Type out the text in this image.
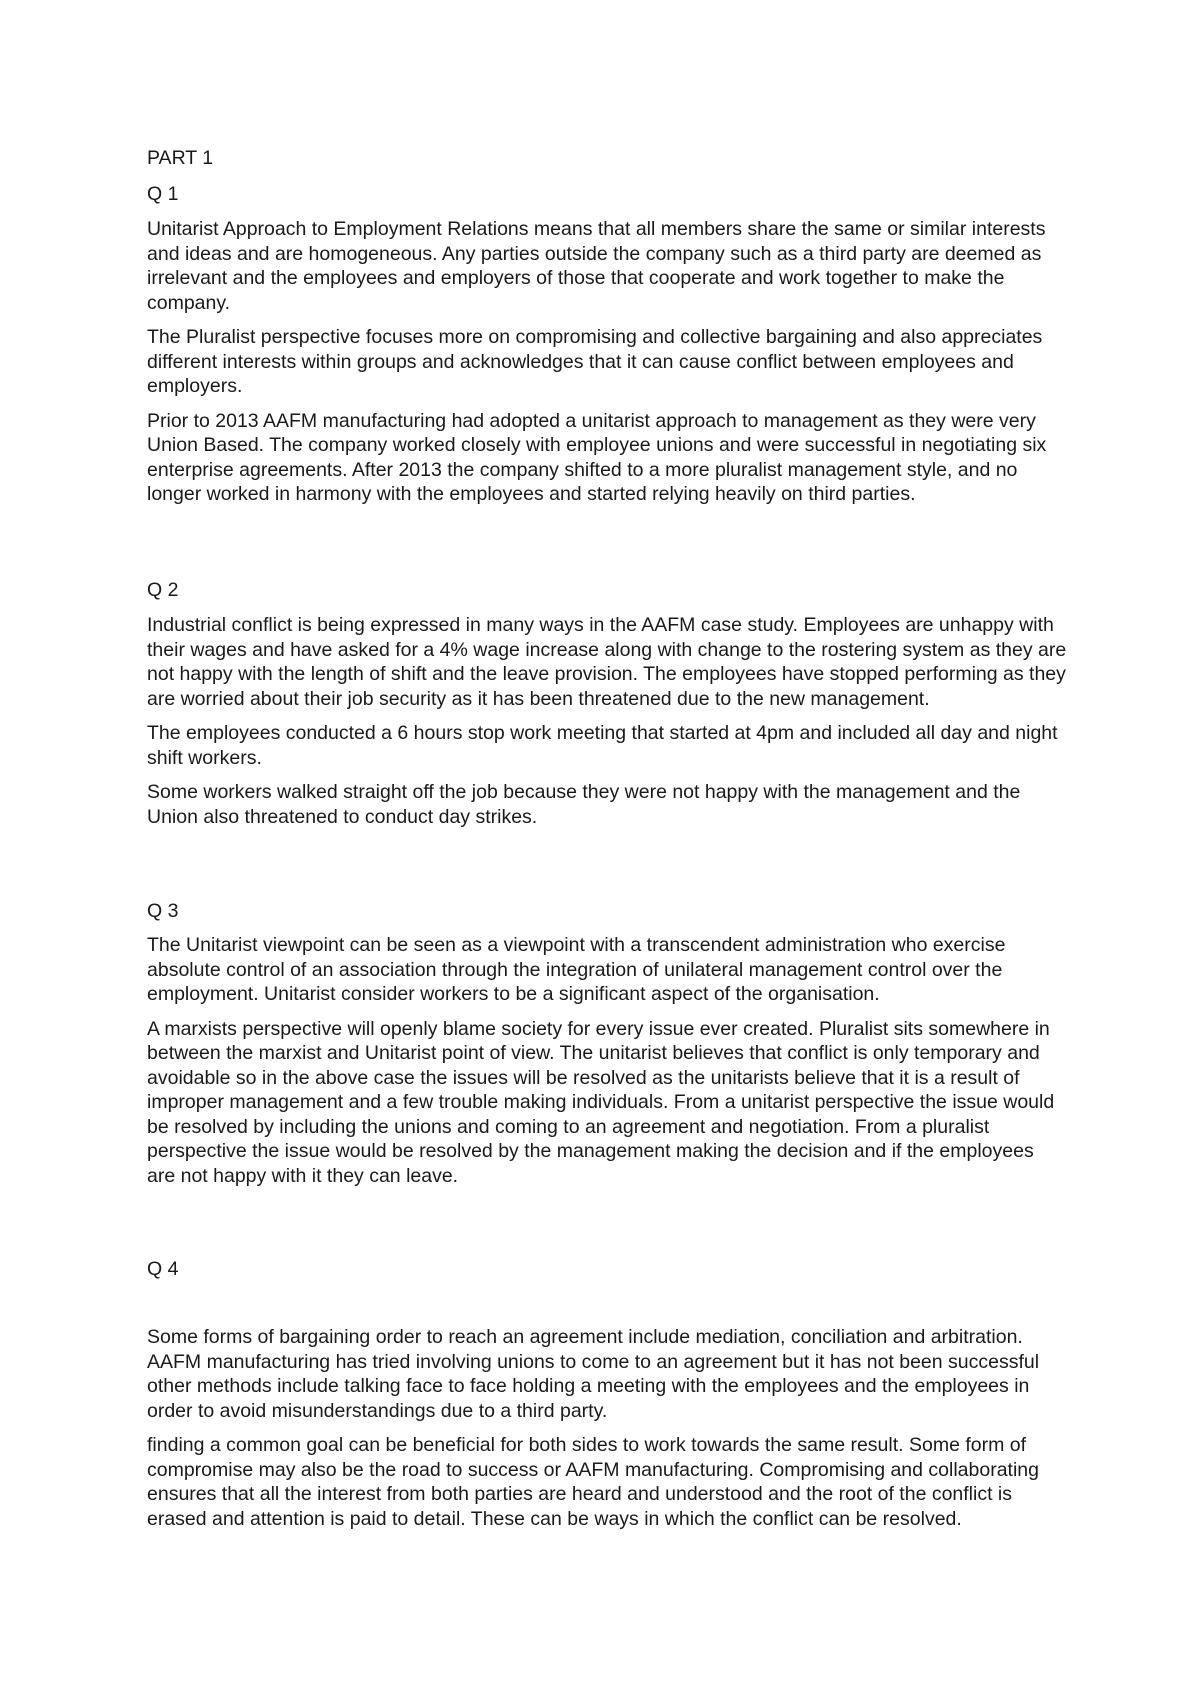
PART 1
Q 1

Unitarist Approach to Employment Relations means that all members share the same or similar interests and ideas and are homogeneous. Any parties outside the company such as a third party are deemed as irrelevant and the employees and employers of those that cooperate and work together to make the company.

The Pluralist perspective focuses more on compromising and collective bargaining and also appreciates different interests within groups and acknowledges that it can cause conflict between employees and employers.

Prior to 2013 AAFM manufacturing had adopted a unitarist approach to management as they were very Union Based. The company worked closely with employee unions and were successful in negotiating six enterprise agreements. After 2013 the company shifted to a more pluralist management style, and no longer worked in harmony with the employees and started relying heavily on third parties.

Q 2

Industrial conflict is being expressed in many ways in the AAFM case study. Employees are unhappy with their wages and have asked for a 4% wage increase along with change to the rostering system as they are not happy with the length of shift and the leave provision. The employees have stopped performing as they are worried about their job security as it has been threatened due to the new management.

The employees conducted a 6 hours stop work meeting that started at 4pm and included all day and night shift workers.

Some workers walked straight off the job because they were not happy with the management and the Union also threatened to conduct day strikes.

Q 3

The Unitarist viewpoint can be seen as a viewpoint with a transcendent administration who exercise absolute control of an association through the integration of unilateral management control over the employment. Unitarist consider workers to be a significant aspect of the organisation.

A marxists perspective will openly blame society for every issue ever created. Pluralist sits somewhere in between the marxist and Unitarist point of view. The unitarist believes that conflict is only temporary and avoidable so in the above case the issues will be resolved as the unitarists believe that it is a result of improper management and a few trouble making individuals. From a unitarist perspective the issue would be resolved by including the unions and coming to an agreement and negotiation. From a pluralist perspective the issue would be resolved by the management making the decision and if the employees are not happy with it they can leave.

Q 4

Some forms of bargaining order to reach an agreement include mediation, conciliation and arbitration. AAFM manufacturing has tried involving unions to come to an agreement but it has not been successful other methods include talking face to face holding a meeting with the employees and the employees in order to avoid misunderstandings due to a third party.

finding a common goal can be beneficial for both sides to work towards the same result. Some form of compromise may also be the road to success or AAFM manufacturing. Compromising and collaborating ensures that all the interest from both parties are heard and understood and the root of the conflict is erased and attention is paid to detail. These can be ways in which the conflict can be resolved.
